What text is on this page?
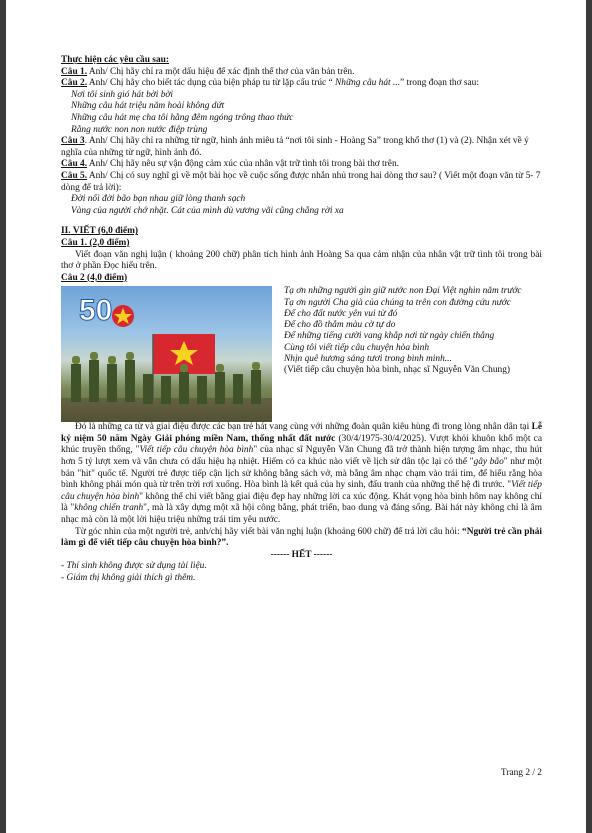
Thực hiện các yêu cầu sau:

Câu 1. Anh/ Chị hãy chỉ ra một dấu hiệu để xác định thể thơ của văn bản trên.

Câu 2. Anh/ Chị hãy cho biết tác dụng của biện pháp tu từ lặp cấu trúc “ Những câu hát ...” trong đoạn thơ sau:

Nơi tôi sinh gió hát bời bời

Những câu hát triệu năm hoài không dứt

Những câu hát mẹ cha tôi hằng đêm ngóng trông thao thức

Rằng nước non non nước điệp trùng

Câu 3. Anh/ Chị hãy chỉ ra những từ ngữ, hình ảnh miêu tả “nơi tôi sinh - Hoàng Sa” trong khổ thơ (1) và (2). Nhận xét về ý nghĩa của những từ ngữ, hình ảnh đó.

Câu 4. Anh/ Chị hãy nêu sự vận động cảm xúc của nhân vật trữ tình tôi trong bài thơ trên.

Câu 5. Anh/ Chị có suy nghĩ gì về một bài học về cuộc sống được nhắn nhủ trong hai dòng thơ sau? ( Viết một đoạn văn từ 5- 7 dòng để trả lời):

Đời nối đời bão bạn nhau giữ lòng thanh sạch

Vàng của người chớ nhặt. Cát của mình dù vương vãi cũng chẳng rời xa

II. VIẾT (6,0 điểm)

Câu 1. (2,0 điểm)

Viết đoạn văn nghị luận ( khoảng 200 chữ) phân tích hình ảnh Hoàng Sa qua cảm nhận của nhân vật trữ tình tôi trong bài thơ ở phần Đọc hiểu trên.

Câu 2 (4,0 điểm)

50

Tạ ơn những người gìn giữ nước non Đại Việt nghìn năm trước

Tạ ơn người Cha già của chúng ta trên con đường cứu nước

Để cho đất nước yên vui từ đó

Để cho đồ thắm màu cờ tự do

Để những tiếng cười vang khắp nơi từ ngày chiến thắng

Cùng tôi viết tiếp câu chuyện hòa bình

Nhịn quê hương sáng tươi trong bình minh...

(Viết tiếp câu chuyện hòa bình, nhạc sĩ Nguyễn Văn Chung)

Đó là những ca từ và giai điệu được các bạn trẻ hát vang cùng với những đoàn quân kiêu hùng đi trong lòng nhân dân tại Lễ kỷ niệm 50 năm Ngày Giải phóng miền Nam, thống nhất đất nước (30/4/1975-30/4/2025). Vượt khỏi khuôn khổ một ca khúc truyền thống, "Viết tiếp câu chuyện hòa bình" của nhạc sĩ Nguyễn Văn Chung đã trở thành hiện tượng âm nhạc, thu hút hơn 5 tỷ lượt xem và vẫn chưa có dấu hiệu hạ nhiệt. Hiếm có ca khúc nào viết về lịch sử dân tộc lại có thể "gây bão" như một bản "hit" quốc tế. Người trẻ được tiếp cận lịch sử không bằng sách vở, mà bằng âm nhạc chạm vào trái tim, để hiểu rằng hòa bình không phải món quà từ trên trời rơi xuống. Hòa bình là kết quả của hy sinh, đấu tranh của những thế hệ đi trước. "Viết tiếp câu chuyện hòa bình" không thể chỉ viết bằng giai điệu đẹp hay những lời ca xúc động. Khát vọng hòa bình hôm nay không chỉ là "không chiến tranh", mà là xây dựng một xã hội công bằng, phát triển, bao dung và đáng sống. Bài hát này không chỉ là âm nhạc mà còn là một lời hiệu triệu những trái tim yêu nước.

Từ góc nhìn của một người trẻ, anh/chị hãy viết bài văn nghị luận (khoảng 600 chữ) để trả lời câu hỏi: “Người trẻ cần phải làm gì để viết tiếp câu chuyện hòa bình?”.

------ HẾT ------

- Thí sinh không được sử dụng tài liệu.

- Giám thị không giải thích gì thêm.

Trang 2 / 2
